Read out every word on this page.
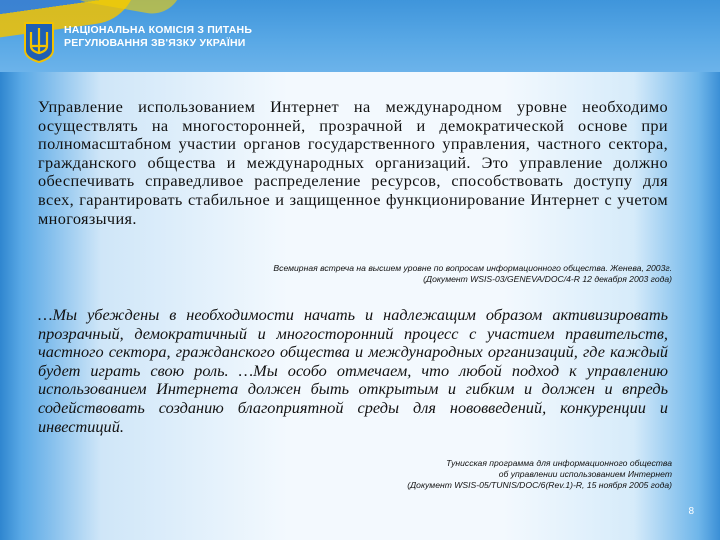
НАЦІОНАЛЬНА КОМІСІЯ З ПИТАНЬ
РЕГУЛЮВАННЯ ЗВ'ЯЗКУ УКРАЇНИ

Управление использованием Интернет на международном уровне необходимо осуществлять на многосторонней, прозрачной и демократической основе при полномасштабном участии органов государственного управления, частного сектора, гражданского общества и международных организаций. Это управление должно обеспечивать справедливое распределение ресурсов, способствовать доступу для всех, гарантировать стабильное и защищенное функционирование Интернет с учетом многоязычия.

Всемирная встреча на высшем уровне по вопросам информационного общества. Женева, 2003г.
(Документ WSIS-03/GENEVA/DOC/4-R 12 декабря 2003 года)

…Мы убеждены в необходимости начать и надлежащим образом активизировать прозрачный, демократичный и многосторонний процесс с участием правительств, частного сектора, гражданского общества и международных организаций, где каждый будет играть свою роль. …Мы особо отмечаем, что любой подход к управлению использованием Интернета должен быть открытым и гибким и должен и впредь содействовать созданию благоприятной среды для нововведений, конкуренции и инвестиций.

Тунисская программа для информационного общества
об управлении использованием Интернет
(Документ WSIS-05/TUNIS/DOC/6(Rev.1)-R, 15 ноября 2005 года)
8
